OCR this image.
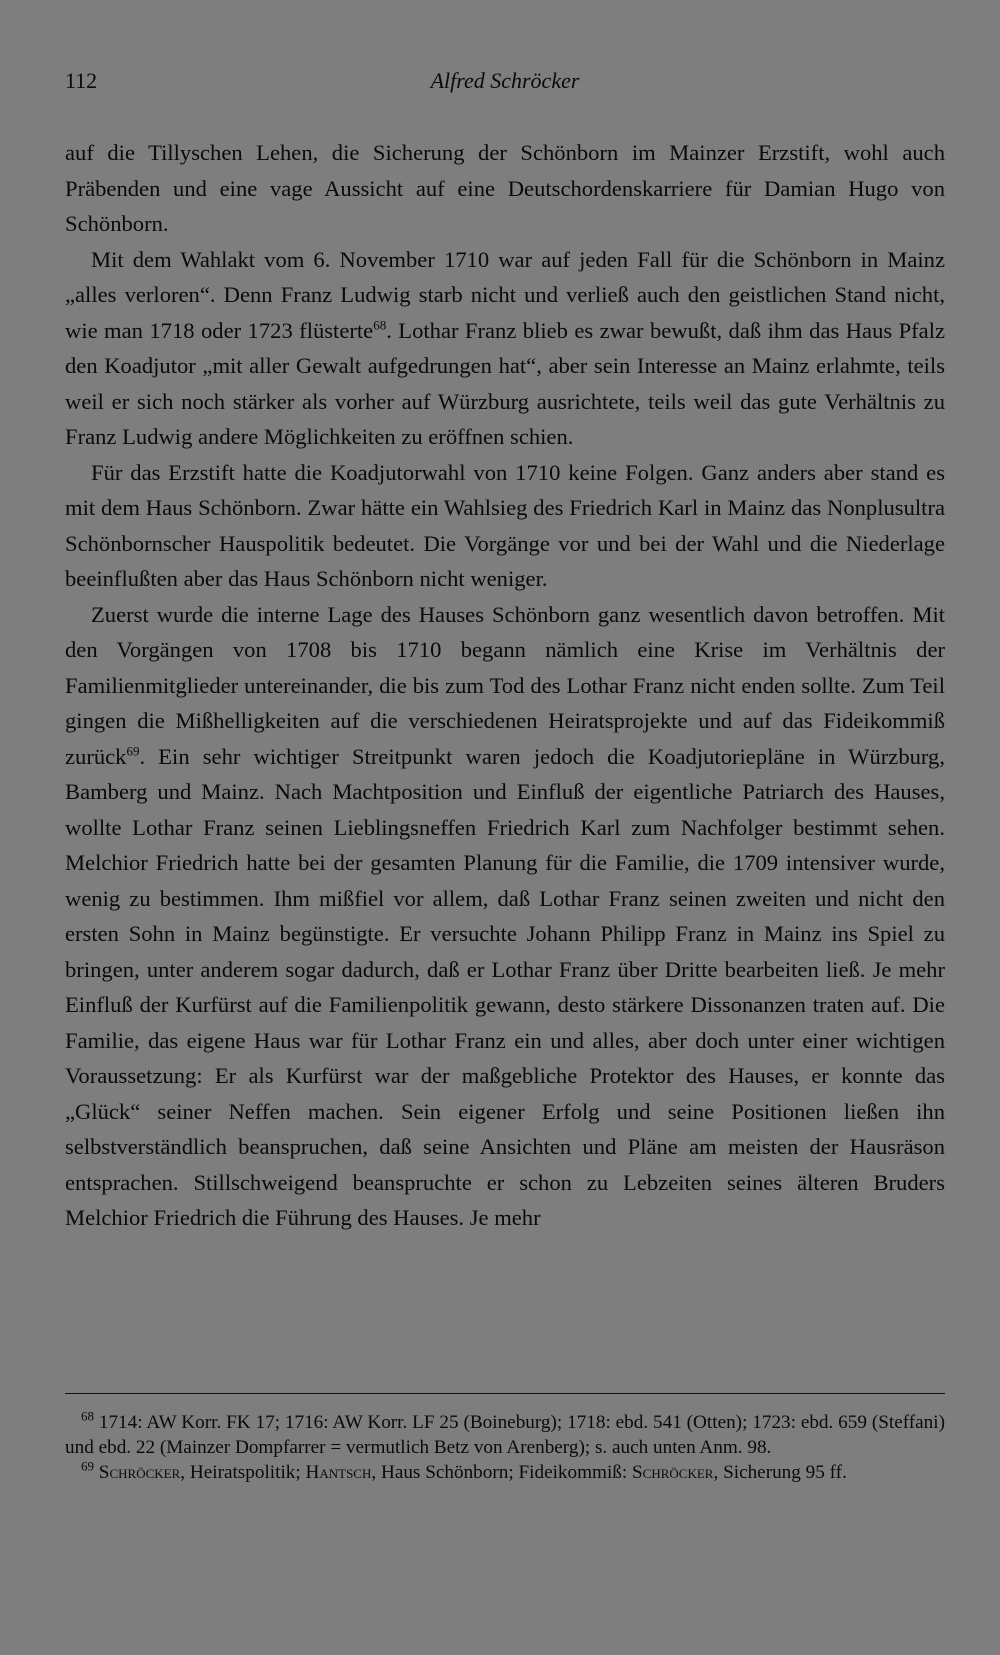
112	Alfred Schröcker

auf die Tillyschen Lehen, die Sicherung der Schönborn im Mainzer Erzstift, wohl auch Präbenden und eine vage Aussicht auf eine Deutschordenskarriere für Damian Hugo von Schönborn.

Mit dem Wahlakt vom 6. November 1710 war auf jeden Fall für die Schönborn in Mainz „alles verloren“. Denn Franz Ludwig starb nicht und verließ auch den geistlichen Stand nicht, wie man 1718 oder 1723 flüsterte$^{68}$. Lothar Franz blieb es zwar bewußt, daß ihm das Haus Pfalz den Koadjutor „mit aller Gewalt aufgedrungen hat“, aber sein Interesse an Mainz erlahmte, teils weil er sich noch stärker als vorher auf Würzburg ausrichtete, teils weil das gute Verhältnis zu Franz Ludwig andere Möglichkeiten zu eröffnen schien.

Für das Erzstift hatte die Koadjutorwahl von 1710 keine Folgen. Ganz anders aber stand es mit dem Haus Schönborn. Zwar hätte ein Wahlsieg des Friedrich Karl in Mainz das Nonplusultra Schönbornscher Hauspolitik bedeutet. Die Vorgänge vor und bei der Wahl und die Niederlage beeinflußten aber das Haus Schönborn nicht weniger.

Zuerst wurde die interne Lage des Hauses Schönborn ganz wesentlich davon betroffen. Mit den Vorgängen von 1708 bis 1710 begann nämlich eine Krise im Verhältnis der Familienmitglieder untereinander, die bis zum Tod des Lothar Franz nicht enden sollte. Zum Teil gingen die Mißhelligkeiten auf die verschiedenen Heiratsprojekte und auf das Fideikommiß zurück$^{69}$. Ein sehr wichtiger Streitpunkt waren jedoch die Koadjutoriepläne in Würzburg, Bamberg und Mainz. Nach Machtposition und Einfluß der eigentliche Patriarch des Hauses, wollte Lothar Franz seinen Lieblingsneffen Friedrich Karl zum Nachfolger bestimmt sehen. Melchior Friedrich hatte bei der gesamten Planung für die Familie, die 1709 intensiver wurde, wenig zu bestimmen. Ihm mißfiel vor allem, daß Lothar Franz seinen zweiten und nicht den ersten Sohn in Mainz begünstigte. Er versuchte Johann Philipp Franz in Mainz ins Spiel zu bringen, unter anderem sogar dadurch, daß er Lothar Franz über Dritte bearbeiten ließ. Je mehr Einfluß der Kurfürst auf die Familienpolitik gewann, desto stärkere Dissonanzen traten auf. Die Familie, das eigene Haus war für Lothar Franz ein und alles, aber doch unter einer wichtigen Voraussetzung: Er als Kurfürst war der maßgebliche Protektor des Hauses, er konnte das „Glück“ seiner Neffen machen. Sein eigener Erfolg und seine Positionen ließen ihn selbstverständlich beanspruchen, daß seine Ansichten und Pläne am meisten der Hausräson entsprachen. Stillschweigend beanspruchte er schon zu Lebzeiten seines älteren Bruders Melchior Friedrich die Führung des Hauses. Je mehr

$^{68}$ 1714: AW Korr. FK 17; 1716: AW Korr. LF 25 (Boineburg); 1718: ebd. 541 (Otten); 1723: ebd. 659 (Steffani) und ebd. 22 (Mainzer Dompfarrer = vermutlich Betz von Arenberg); s. auch unten Anm. 98.

$^{69}$ Schröcker, Heiratspolitik; Hantsch, Haus Schönborn; Fideikommiß: Schröcker, Sicherung 95 ff.
